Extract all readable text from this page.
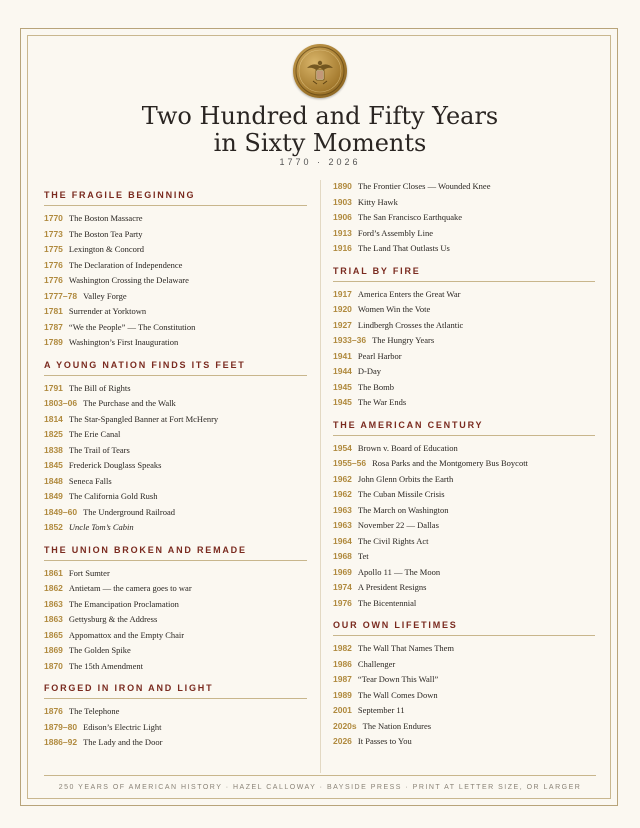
Two Hundred and Fifty Years
in Sixty Moments
1770 · 2026
THE FRAGILE BEGINNING
1770 The Boston Massacre
1773 The Boston Tea Party
1775 Lexington & Concord
1776 The Declaration of Independence
1776 Washington Crossing the Delaware
1777–78 Valley Forge
1781 Surrender at Yorktown
1787 “We the People” — The Constitution
1789 Washington’s First Inauguration
A YOUNG NATION FINDS ITS FEET
1791 The Bill of Rights
1803–06 The Purchase and the Walk
1814 The Star-Spangled Banner at Fort McHenry
1825 The Erie Canal
1838 The Trail of Tears
1845 Frederick Douglass Speaks
1848 Seneca Falls
1849 The California Gold Rush
1849–60 The Underground Railroad
1852 Uncle Tom’s Cabin
THE UNION BROKEN AND REMADE
1861 Fort Sumter
1862 Antietam — the camera goes to war
1863 The Emancipation Proclamation
1863 Gettysburg & the Address
1865 Appomattox and the Empty Chair
1869 The Golden Spike
1870 The 15th Amendment
FORGED IN IRON AND LIGHT
1876 The Telephone
1879–80 Edison’s Electric Light
1886–92 The Lady and the Door
1890 The Frontier Closes — Wounded Knee
1903 Kitty Hawk
1906 The San Francisco Earthquake
1913 Ford’s Assembly Line
1916 The Land That Outlasts Us
TRIAL BY FIRE
1917 America Enters the Great War
1920 Women Win the Vote
1927 Lindbergh Crosses the Atlantic
1933–36 The Hungry Years
1941 Pearl Harbor
1944 D-Day
1945 The Bomb
1945 The War Ends
THE AMERICAN CENTURY
1954 Brown v. Board of Education
1955–56 Rosa Parks and the Montgomery Bus Boycott
1962 John Glenn Orbits the Earth
1962 The Cuban Missile Crisis
1963 The March on Washington
1963 November 22 — Dallas
1964 The Civil Rights Act
1968 Tet
1969 Apollo 11 — The Moon
1974 A President Resigns
1976 The Bicentennial
OUR OWN LIFETIMES
1982 The Wall That Names Them
1986 Challenger
1987 “Tear Down This Wall”
1989 The Wall Comes Down
2001 September 11
2020s The Nation Endures
2026 It Passes to You
250 YEARS OF AMERICAN HISTORY · HAZEL CALLOWAY · BAYSIDE PRESS · PRINT AT LETTER SIZE, OR LARGER
